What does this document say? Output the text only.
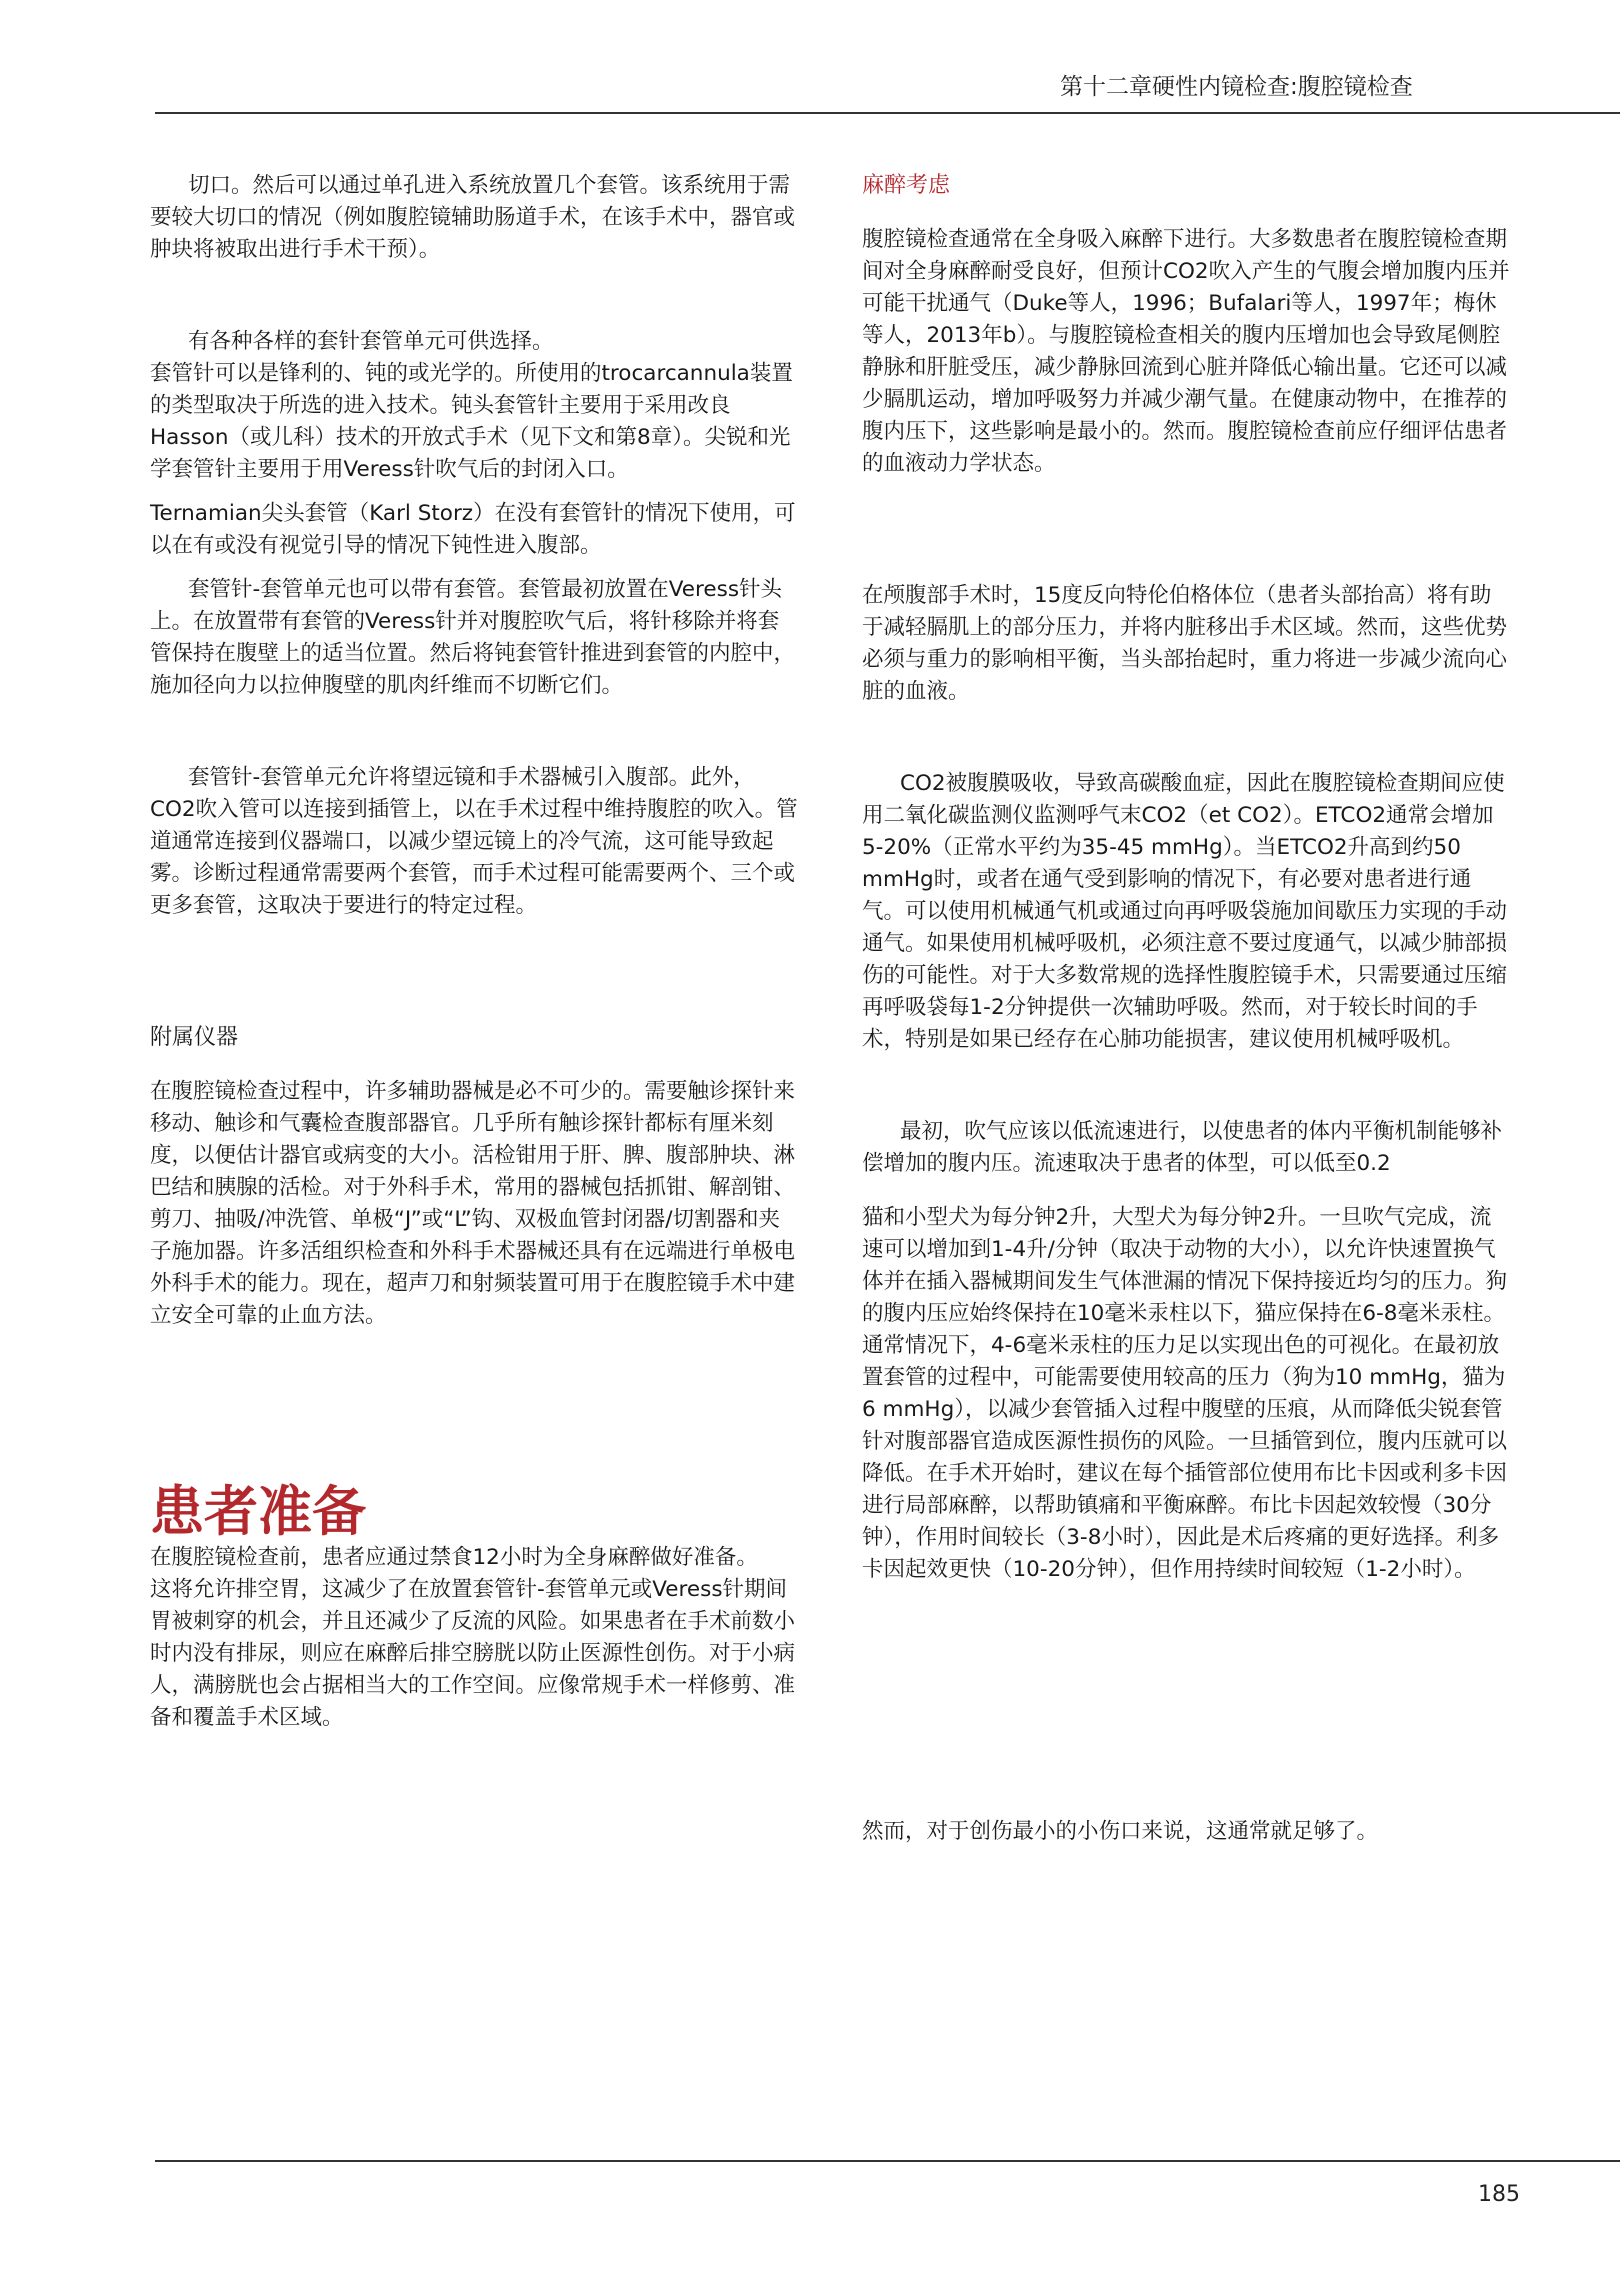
第十二章硬性内镜检查:腹腔镜检查

切口。然后可以通过单孔进入系统放置几个套管。该系统用于需要较大切口的情况（例如腹腔镜辅助肠道手术，在该手术中，器官或肿块将被取出进行手术干预）。

有各种各样的套针套管单元可供选择。

套管针可以是锋利的、钝的或光学的。所使用的trocarcannula装置的类型取决于所选的进入技术。钝头套管针主要用于采用改良Hasson（或儿科）技术的开放式手术（见下文和第8章）。尖锐和光学套管针主要用于用Veress针吹气后的封闭入口。

Ternamian尖头套管（Karl Storz）在没有套管针的情况下使用，可以在有或没有视觉引导的情况下钝性进入腹部。

套管针-套管单元也可以带有套管。套管最初放置在Veress针头上。在放置带有套管的Veress针并对腹腔吹气后，将针移除并将套管保持在腹壁上的适当位置。然后将钝套管针推进到套管的内腔中，施加径向力以拉伸腹壁的肌肉纤维而不切断它们。

套管针-套管单元允许将望远镜和手术器械引入腹部。此外，CO2吹入管可以连接到插管上，以在手术过程中维持腹腔的吹入。管道通常连接到仪器端口，以减少望远镜上的冷气流，这可能导致起雾。诊断过程通常需要两个套管，而手术过程可能需要两个、三个或更多套管，这取决于要进行的特定过程。

附属仪器

在腹腔镜检查过程中，许多辅助器械是必不可少的。需要触诊探针来移动、触诊和气囊检查腹部器官。几乎所有触诊探针都标有厘米刻度，以便估计器官或病变的大小。活检钳用于肝、脾、腹部肿块、淋巴结和胰腺的活检。对于外科手术，常用的器械包括抓钳、解剖钳、剪刀、抽吸/冲洗管、单极“J”或“L”钩、双极血管封闭器/切割器和夹子施加器。许多活组织检查和外科手术器械还具有在远端进行单极电外科手术的能力。现在，超声刀和射频装置可用于在腹腔镜手术中建立安全可靠的止血方法。

患者准备

在腹腔镜检查前，患者应通过禁食12小时为全身麻醉做好准备。

这将允许排空胃，这减少了在放置套管针-套管单元或Veress针期间胃被刺穿的机会，并且还减少了反流的风险。如果患者在手术前数小时内没有排尿，则应在麻醉后排空膀胱以防止医源性创伤。对于小病人，满膀胱也会占据相当大的工作空间。应像常规手术一样修剪、准备和覆盖手术区域。

麻醉考虑

腹腔镜检查通常在全身吸入麻醉下进行。大多数患者在腹腔镜检查期间对全身麻醉耐受良好，但预计CO2吹入产生的气腹会增加腹内压并可能干扰通气（Duke等人，1996；Bufalari等人，1997年；梅休等人，2013年b）。与腹腔镜检查相关的腹内压增加也会导致尾侧腔静脉和肝脏受压，减少静脉回流到心脏并降低心输出量。它还可以减少膈肌运动，增加呼吸努力并减少潮气量。在健康动物中，在推荐的腹内压下，这些影响是最小的。然而。腹腔镜检查前应仔细评估患者的血液动力学状态。

在颅腹部手术时，15度反向特伦伯格体位（患者头部抬高）将有助于减轻膈肌上的部分压力，并将内脏移出手术区域。然而，这些优势必须与重力的影响相平衡，当头部抬起时，重力将进一步减少流向心脏的血液。

CO2被腹膜吸收，导致高碳酸血症，因此在腹腔镜检查期间应使用二氧化碳监测仪监测呼气末CO2（et CO2）。ETCO2通常会增加5-20%（正常水平约为35-45 mmHg）。当ETCO2升高到约50 mmHg时，或者在通气受到影响的情况下，有必要对患者进行通气。可以使用机械通气机或通过向再呼吸袋施加间歇压力实现的手动通气。如果使用机械呼吸机，必须注意不要过度通气，以减少肺部损伤的可能性。对于大多数常规的选择性腹腔镜手术，只需要通过压缩再呼吸袋每1-2分钟提供一次辅助呼吸。然而，对于较长时间的手术，特别是如果已经存在心肺功能损害，建议使用机械呼吸机。

最初，吹气应该以低流速进行，以使患者的体内平衡机制能够补偿增加的腹内压。流速取决于患者的体型，可以低至0.2

猫和小型犬为每分钟2升，大型犬为每分钟2升。一旦吹气完成，流速可以增加到1-4升/分钟（取决于动物的大小），以允许快速置换气体并在插入器械期间发生气体泄漏的情况下保持接近均匀的压力。狗的腹内压应始终保持在10毫米汞柱以下，猫应保持在6-8毫米汞柱。通常情况下，4-6毫米汞柱的压力足以实现出色的可视化。在最初放置套管的过程中，可能需要使用较高的压力（狗为10 mmHg，猫为6 mmHg），以减少套管插入过程中腹壁的压痕，从而降低尖锐套管针对腹部器官造成医源性损伤的风险。一旦插管到位，腹内压就可以降低。在手术开始时，建议在每个插管部位使用布比卡因或利多卡因进行局部麻醉，以帮助镇痛和平衡麻醉。布比卡因起效较慢（30分钟），作用时间较长（3-8小时），因此是术后疼痛的更好选择。利多卡因起效更快（10-20分钟），但作用持续时间较短（1-2小时）。

然而，对于创伤最小的小伤口来说，这通常就足够了。

185
